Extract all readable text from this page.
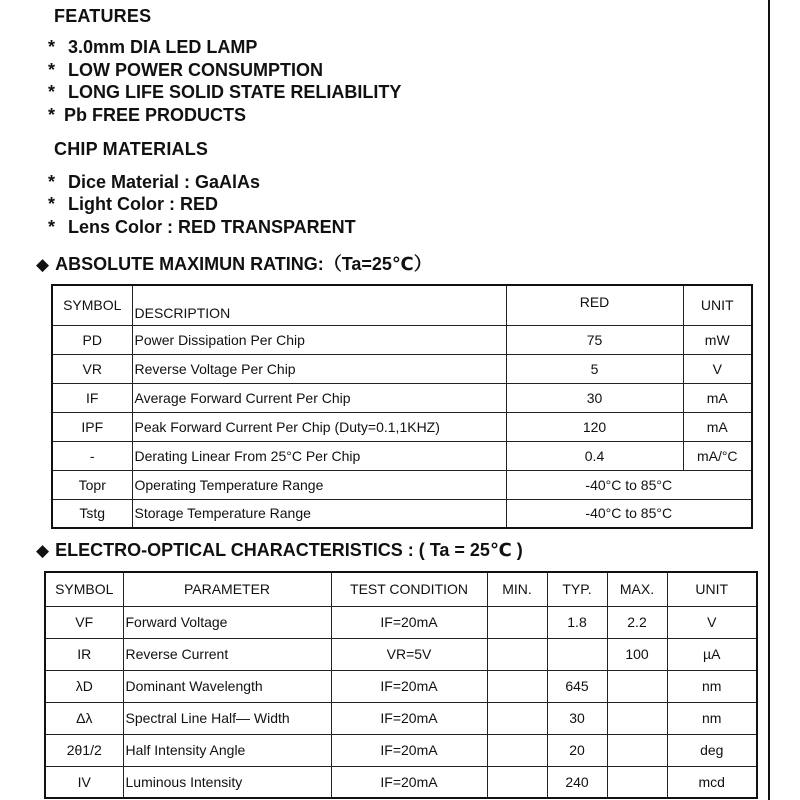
FEATURES
* 3.0mm DIA LED LAMP
* LOW POWER CONSUMPTION
* LONG LIFE SOLID STATE RELIABILITY
* Pb FREE PRODUCTS
CHIP MATERIALS
* Dice Material : GaAlAs
* Light Color : RED
* Lens Color : RED TRANSPARENT
◆ ABSOLUTE MAXIMUN RATING:（Ta=25℃）
SYMBOL	DESCRIPTION	RED	UNIT
PD	Power Dissipation Per Chip	75	mW
VR	Reverse Voltage Per Chip	5	V
IF	Average Forward Current Per Chip	30	mA
IPF	Peak Forward Current Per Chip (Duty=0.1,1KHZ)	120	mA
-	Derating Linear From 25°C Per Chip	0.4	mA/°C
Topr	Operating Temperature Range	-40°C to 85°C	
Tstg	Storage Temperature Range	-40°C to 85°C	
◆ ELECTRO-OPTICAL CHARACTERISTICS : ( Ta = 25℃ )
SYMBOL	PARAMETER	TEST CONDITION	MIN.	TYP.	MAX.	UNIT
VF	Forward Voltage	IF=20mA		1.8	2.2	V
IR	Reverse Current	VR=5V			100	µA
λD	Dominant Wavelength	IF=20mA		645		nm
Δλ	Spectral Line Half— Width	IF=20mA		30		nm
2θ1/2	Half Intensity Angle	IF=20mA		20		deg
IV	Luminous Intensity	IF=20mA		240		mcd
